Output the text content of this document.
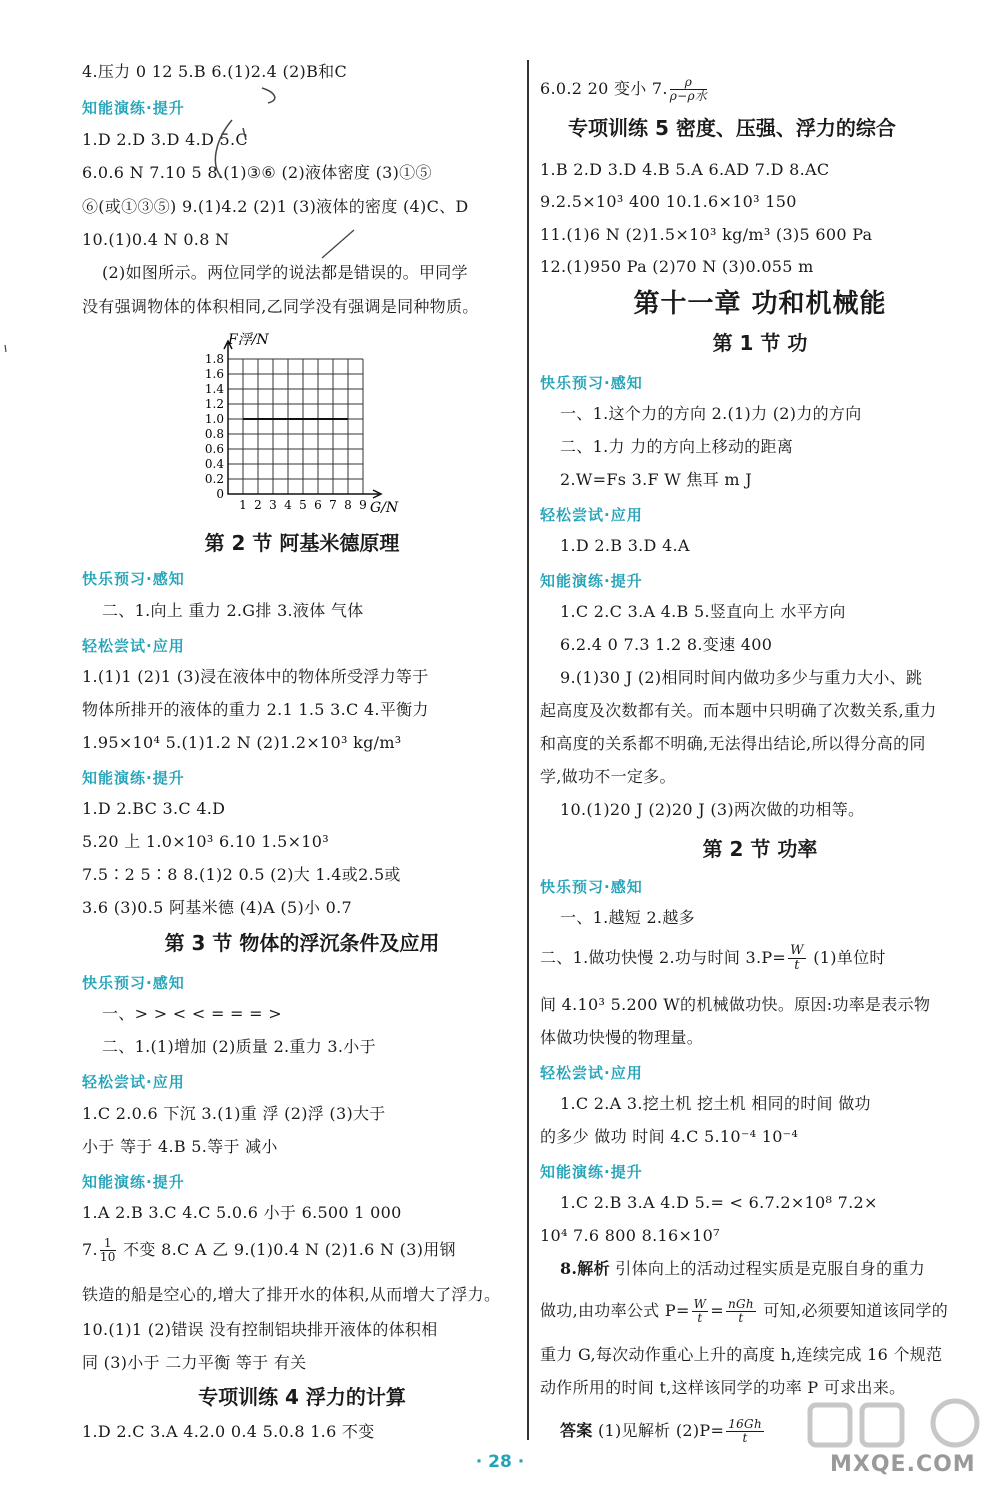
4.压力 0 12 5.B 6.(1)2.4 (2)B和C
知能演练·提升
1.D 2.D 3.D 4.D 5.C
6.0.6 N 7.10 5 8.(1)③⑥ (2)液体密度 (3)①⑤
⑥(或①③⑤) 9.(1)4.2 (2)1 (3)液体的密度 (4)C、D
10.(1)0.4 N 0.8 N
(2)如图所示。两位同学的说法都是错误的。甲同学
没有强调物体的体积相同,乙同学没有强调是同种物质。
第 2 节 阿基米德原理
快乐预习·感知
二、1.向上 重力 2.G排 3.液体 气体
轻松尝试·应用
1.(1)1 (2)1 (3)浸在液体中的物体所受浮力等于
物体所排开的液体的重力 2.1 1.5 3.C 4.平衡力
1.95×10⁴ 5.(1)1.2 N (2)1.2×10³ kg/m³
知能演练·提升
1.D 2.BC 3.C 4.D
5.20 上 1.0×10³ 6.10 1.5×10³
7.5∶2 5∶8 8.(1)2 0.5 (2)大 1.4或2.5或
3.6 (3)0.5 阿基米德 (4)A (5)小 0.7
第 3 节 物体的浮沉条件及应用
快乐预习·感知
一、> > < < = = = >
二、1.(1)增加 (2)质量 2.重力 3.小于
轻松尝试·应用
1.C 2.0.6 下沉 3.(1)重 浮 (2)浮 (3)大于
小于 等于 4.B 5.等于 减小
知能演练·提升
1.A 2.B 3.C 4.C 5.0.6 小于 6.500 1 000
7. $\frac{1}{10}$ 不变 8.C A 乙 9.(1)0.4 N (2)1.6 N (3)用钢
铁造的船是空心的,增大了排开水的体积,从而增大了浮力。
10.(1)1 (2)错误 没有控制铝块排开液体的体积相
同 (3)小于 二力平衡 等于 有关
专项训练 4 浮力的计算
1.D 2.C 3.A 4.2.0 0.4 5.0.8 1.6 不变
1.8
1.6
1.4
1.2
1.0
0.8
0.6
0.4
0.2
0
1 2 3 4 5 6 7 8 9
F浮/N
G/N
6.0.2 20 变小 7.	ρ
ρ−ρ水
专项训练 5 密度、压强、浮力的综合
1.B 2.D 3.D 4.B 5.A 6.AD 7.D 8.AC
9.2.5×10³ 400 10.1.6×10³ 150
11.(1)6 N (2)1.5×10³ kg/m³ (3)5 600 Pa
12.(1)950 Pa (2)70 N (3)0.055 m
第十一章 功和机械能
第 1 节 功
快乐预习·感知
一、1.这个力的方向 2.(1)力 (2)力的方向
二、1.力 力的方向上移动的距离
2.W=Fs 3.F W 焦耳 m J
轻松尝试·应用
1.D 2.B 3.D 4.A
知能演练·提升
1.C 2.C 3.A 4.B 5.竖直向上 水平方向
6.2.4 0 7.3 1.2 8.变速 400
9.(1)30 J (2)相同时间内做功多少与重力大小、跳
起高度及次数都有关。而本题中只明确了次数关系,重力
和高度的关系都不明确,无法得出结论,所以得分高的同
学,做功不一定多。
10.(1)20 J (2)20 J (3)两次做的功相等。
第 2 节 功率
快乐预习·感知
一、1.越短 2.越多
二、1.做功快慢 2.功与时间 $3.P= \frac{W}{t} (1)$单位时
间 4.10³ 5.200 W的机械做功快。原因:功率是表示物
体做功快慢的物理量。
轻松尝试·应用
1.C 2.A 3.挖土机 挖土机 相同的时间 做功
的多少 做功 时间 4.C 5.10⁻⁴ 10⁻⁴
知能演练·提升
1.C 2.B 3.A 4.D 5.= < 6.7.2×10⁸ 7.2×
10⁴ 7.6 800 8.16×10⁷
8.解析 引体向上的活动过程实质是克服自身的重力
做功,由功率公式 $P= \frac{W}{t}$ = nGh
t 可知,必须要知道该同学的
重力 G,每次动作重心上升的高度 h,连续完成 16 个规范
动作所用的时间 t,这样该同学的功率 P 可求出来。
答案 (1)见解析 $(2)P= \frac{16Gh}{t}$
MXQE.COM
· 28 ·
